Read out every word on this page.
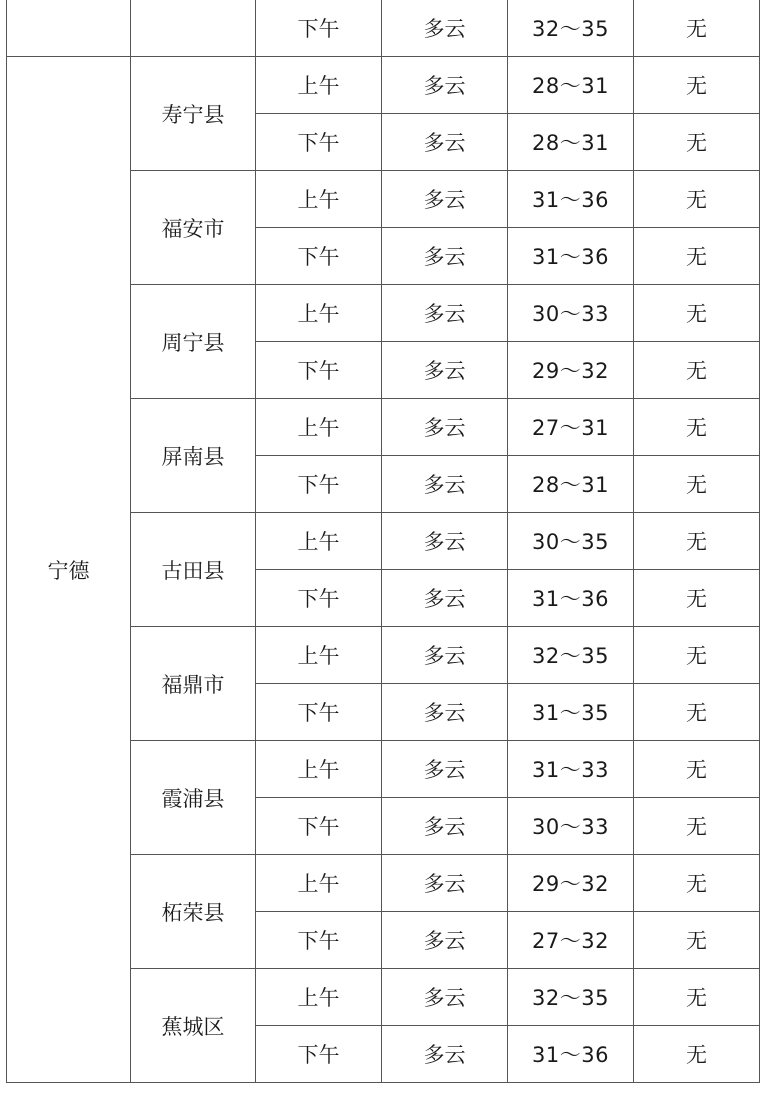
		下午	多云	32～35	无
宁德	寿宁县	上午	多云	28～31	无
		下午	多云	28～31	无
	福安市	上午	多云	31～36	无
		下午	多云	31～36	无
	周宁县	上午	多云	30～33	无
		下午	多云	29～32	无
	屏南县	上午	多云	27～31	无
		下午	多云	28～31	无
	古田县	上午	多云	30～35	无
		下午	多云	31～36	无
	福鼎市	上午	多云	32～35	无
		下午	多云	31～35	无
	霞浦县	上午	多云	31～33	无
		下午	多云	30～33	无
	柘荣县	上午	多云	29～32	无
		下午	多云	27～32	无
	蕉城区	上午	多云	32～35	无
		下午	多云	31～36	无
